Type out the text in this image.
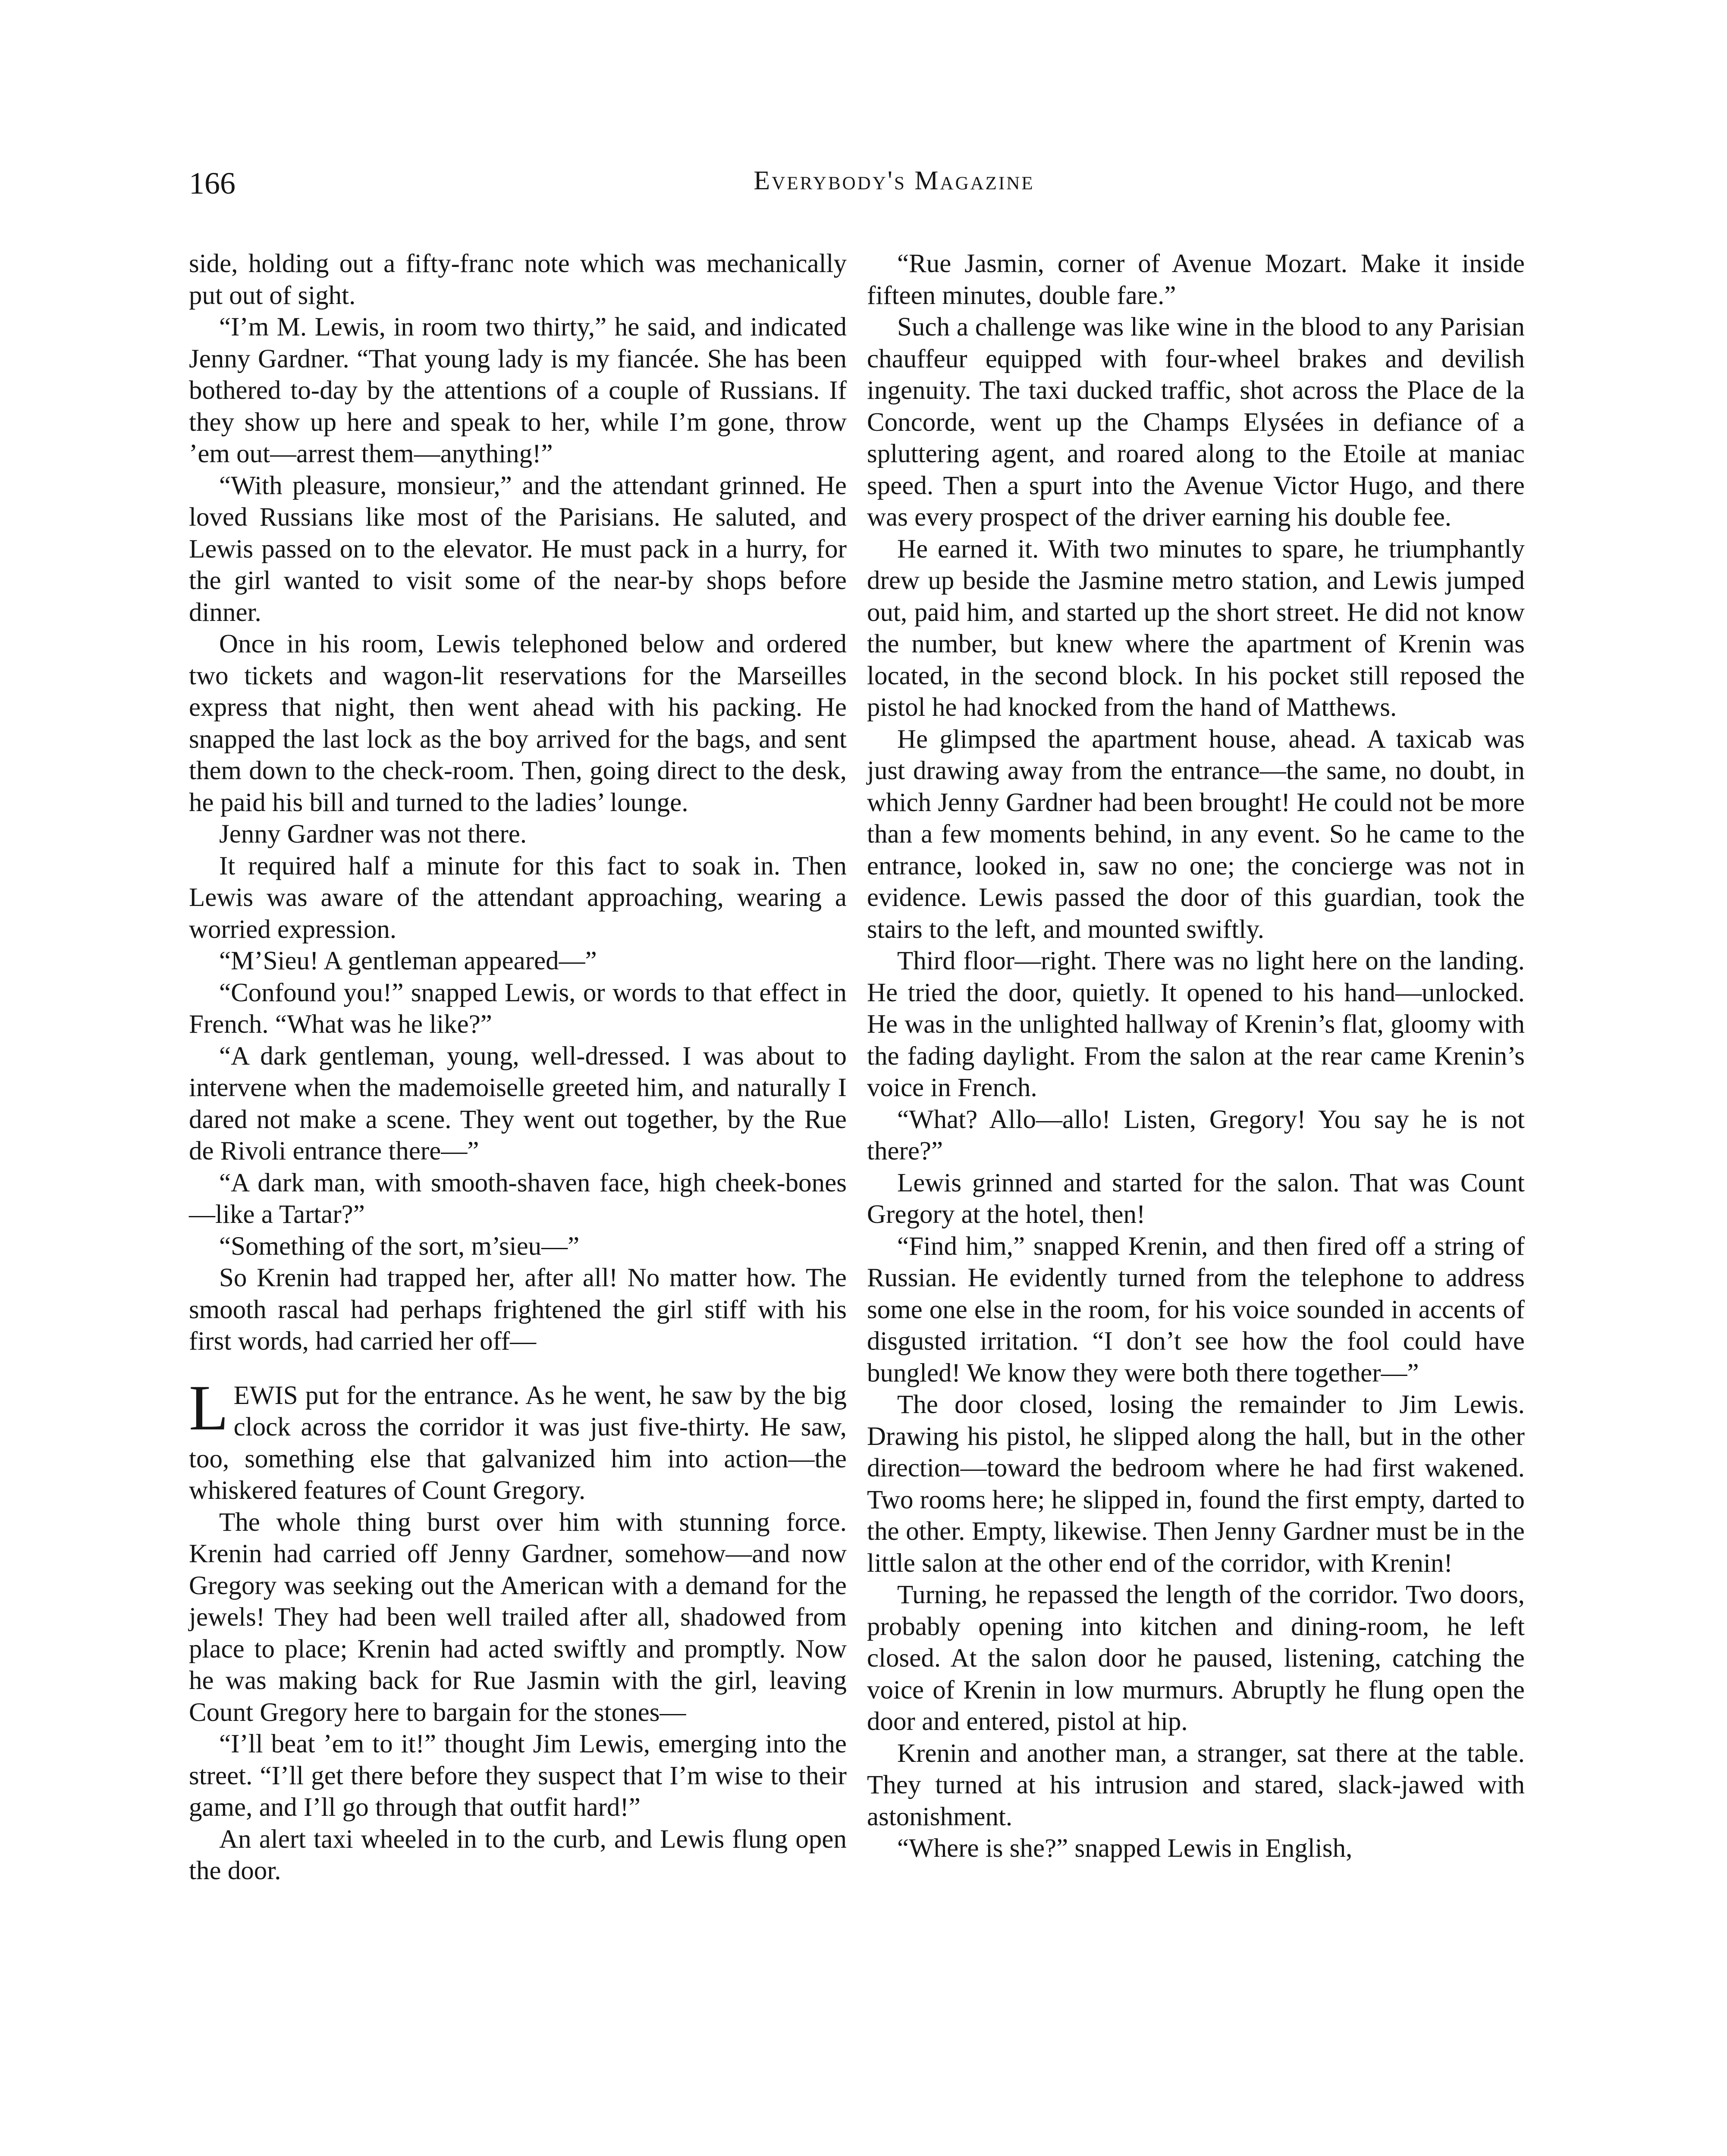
166	Everybody's Magazine

side, holding out a fifty-franc note which was mechanically put out of sight.

“I’m M. Lewis, in room two thirty,” he said, and indicated Jenny Gardner. “That young lady is my fiancée. She has been bothered to-day by the attentions of a couple of Russians. If they show up here and speak to her, while I’m gone, throw ’em out—arrest them—anything!”

“With pleasure, monsieur,” and the attendant grinned. He loved Russians like most of the Parisians. He saluted, and Lewis passed on to the elevator. He must pack in a hurry, for the girl wanted to visit some of the near-by shops before dinner.

Once in his room, Lewis telephoned below and ordered two tickets and wagon-lit reservations for the Marseilles express that night, then went ahead with his packing. He snapped the last lock as the boy arrived for the bags, and sent them down to the check-room. Then, going direct to the desk, he paid his bill and turned to the ladies’ lounge.

Jenny Gardner was not there.

It required half a minute for this fact to soak in. Then Lewis was aware of the attendant approaching, wearing a worried expression.

“M’Sieu! A gentleman appeared—”

“Confound you!” snapped Lewis, or words to that effect in French. “What was he like?”

“A dark gentleman, young, well-dressed. I was about to intervene when the mademoiselle greeted him, and naturally I dared not make a scene. They went out together, by the Rue de Rivoli entrance there—”

“A dark man, with smooth-shaven face, high cheek-bones—like a Tartar?”

“Something of the sort, m’sieu—”

So Krenin had trapped her, after all! No matter how. The smooth rascal had perhaps frightened the girl stiff with his first words, had carried her off—

LEWIS put for the entrance. As he went, he saw by the big clock across the corridor it was just five-thirty. He saw, too, something else that galvanized him into action—the whiskered features of Count Gregory.

The whole thing burst over him with stunning force. Krenin had carried off Jenny Gardner, somehow—and now Gregory was seeking out the American with a demand for the jewels! They had been well trailed after all, shadowed from place to place; Krenin had acted swiftly and promptly. Now he was making back for Rue Jasmin with the girl, leaving Count Gregory here to bargain for the stones—

“I’ll beat ’em to it!” thought Jim Lewis, emerging into the street. “I’ll get there before they suspect that I’m wise to their game, and I’ll go through that outfit hard!”

An alert taxi wheeled in to the curb, and Lewis flung open the door.

“Rue Jasmin, corner of Avenue Mozart. Make it inside fifteen minutes, double fare.”

Such a challenge was like wine in the blood to any Parisian chauffeur equipped with four-wheel brakes and devilish ingenuity. The taxi ducked traffic, shot across the Place de la Concorde, went up the Champs Elysées in defiance of a spluttering agent, and roared along to the Etoile at maniac speed. Then a spurt into the Avenue Victor Hugo, and there was every prospect of the driver earning his double fee.

He earned it. With two minutes to spare, he triumphantly drew up beside the Jasmine metro station, and Lewis jumped out, paid him, and started up the short street. He did not know the number, but knew where the apartment of Krenin was located, in the second block. In his pocket still reposed the pistol he had knocked from the hand of Matthews.

He glimpsed the apartment house, ahead. A taxicab was just drawing away from the entrance—the same, no doubt, in which Jenny Gardner had been brought! He could not be more than a few moments behind, in any event. So he came to the entrance, looked in, saw no one; the concierge was not in evidence. Lewis passed the door of this guardian, took the stairs to the left, and mounted swiftly.

Third floor—right. There was no light here on the landing. He tried the door, quietly. It opened to his hand—unlocked. He was in the unlighted hallway of Krenin’s flat, gloomy with the fading daylight. From the salon at the rear came Krenin’s voice in French.

“What? Allo—allo! Listen, Gregory! You say he is not there?”

Lewis grinned and started for the salon. That was Count Gregory at the hotel, then!

“Find him,” snapped Krenin, and then fired off a string of Russian. He evidently turned from the telephone to address some one else in the room, for his voice sounded in accents of disgusted irritation. “I don’t see how the fool could have bungled! We know they were both there together—”

The door closed, losing the remainder to Jim Lewis. Drawing his pistol, he slipped along the hall, but in the other direction—toward the bedroom where he had first wakened. Two rooms here; he slipped in, found the first empty, darted to the other. Empty, likewise. Then Jenny Gardner must be in the little salon at the other end of the corridor, with Krenin!

Turning, he repassed the length of the corridor. Two doors, probably opening into kitchen and dining-room, he left closed. At the salon door he paused, listening, catching the voice of Krenin in low murmurs. Abruptly he flung open the door and entered, pistol at hip.

Krenin and another man, a stranger, sat there at the table. They turned at his intrusion and stared, slack-jawed with astonishment.

“Where is she?” snapped Lewis in English,
